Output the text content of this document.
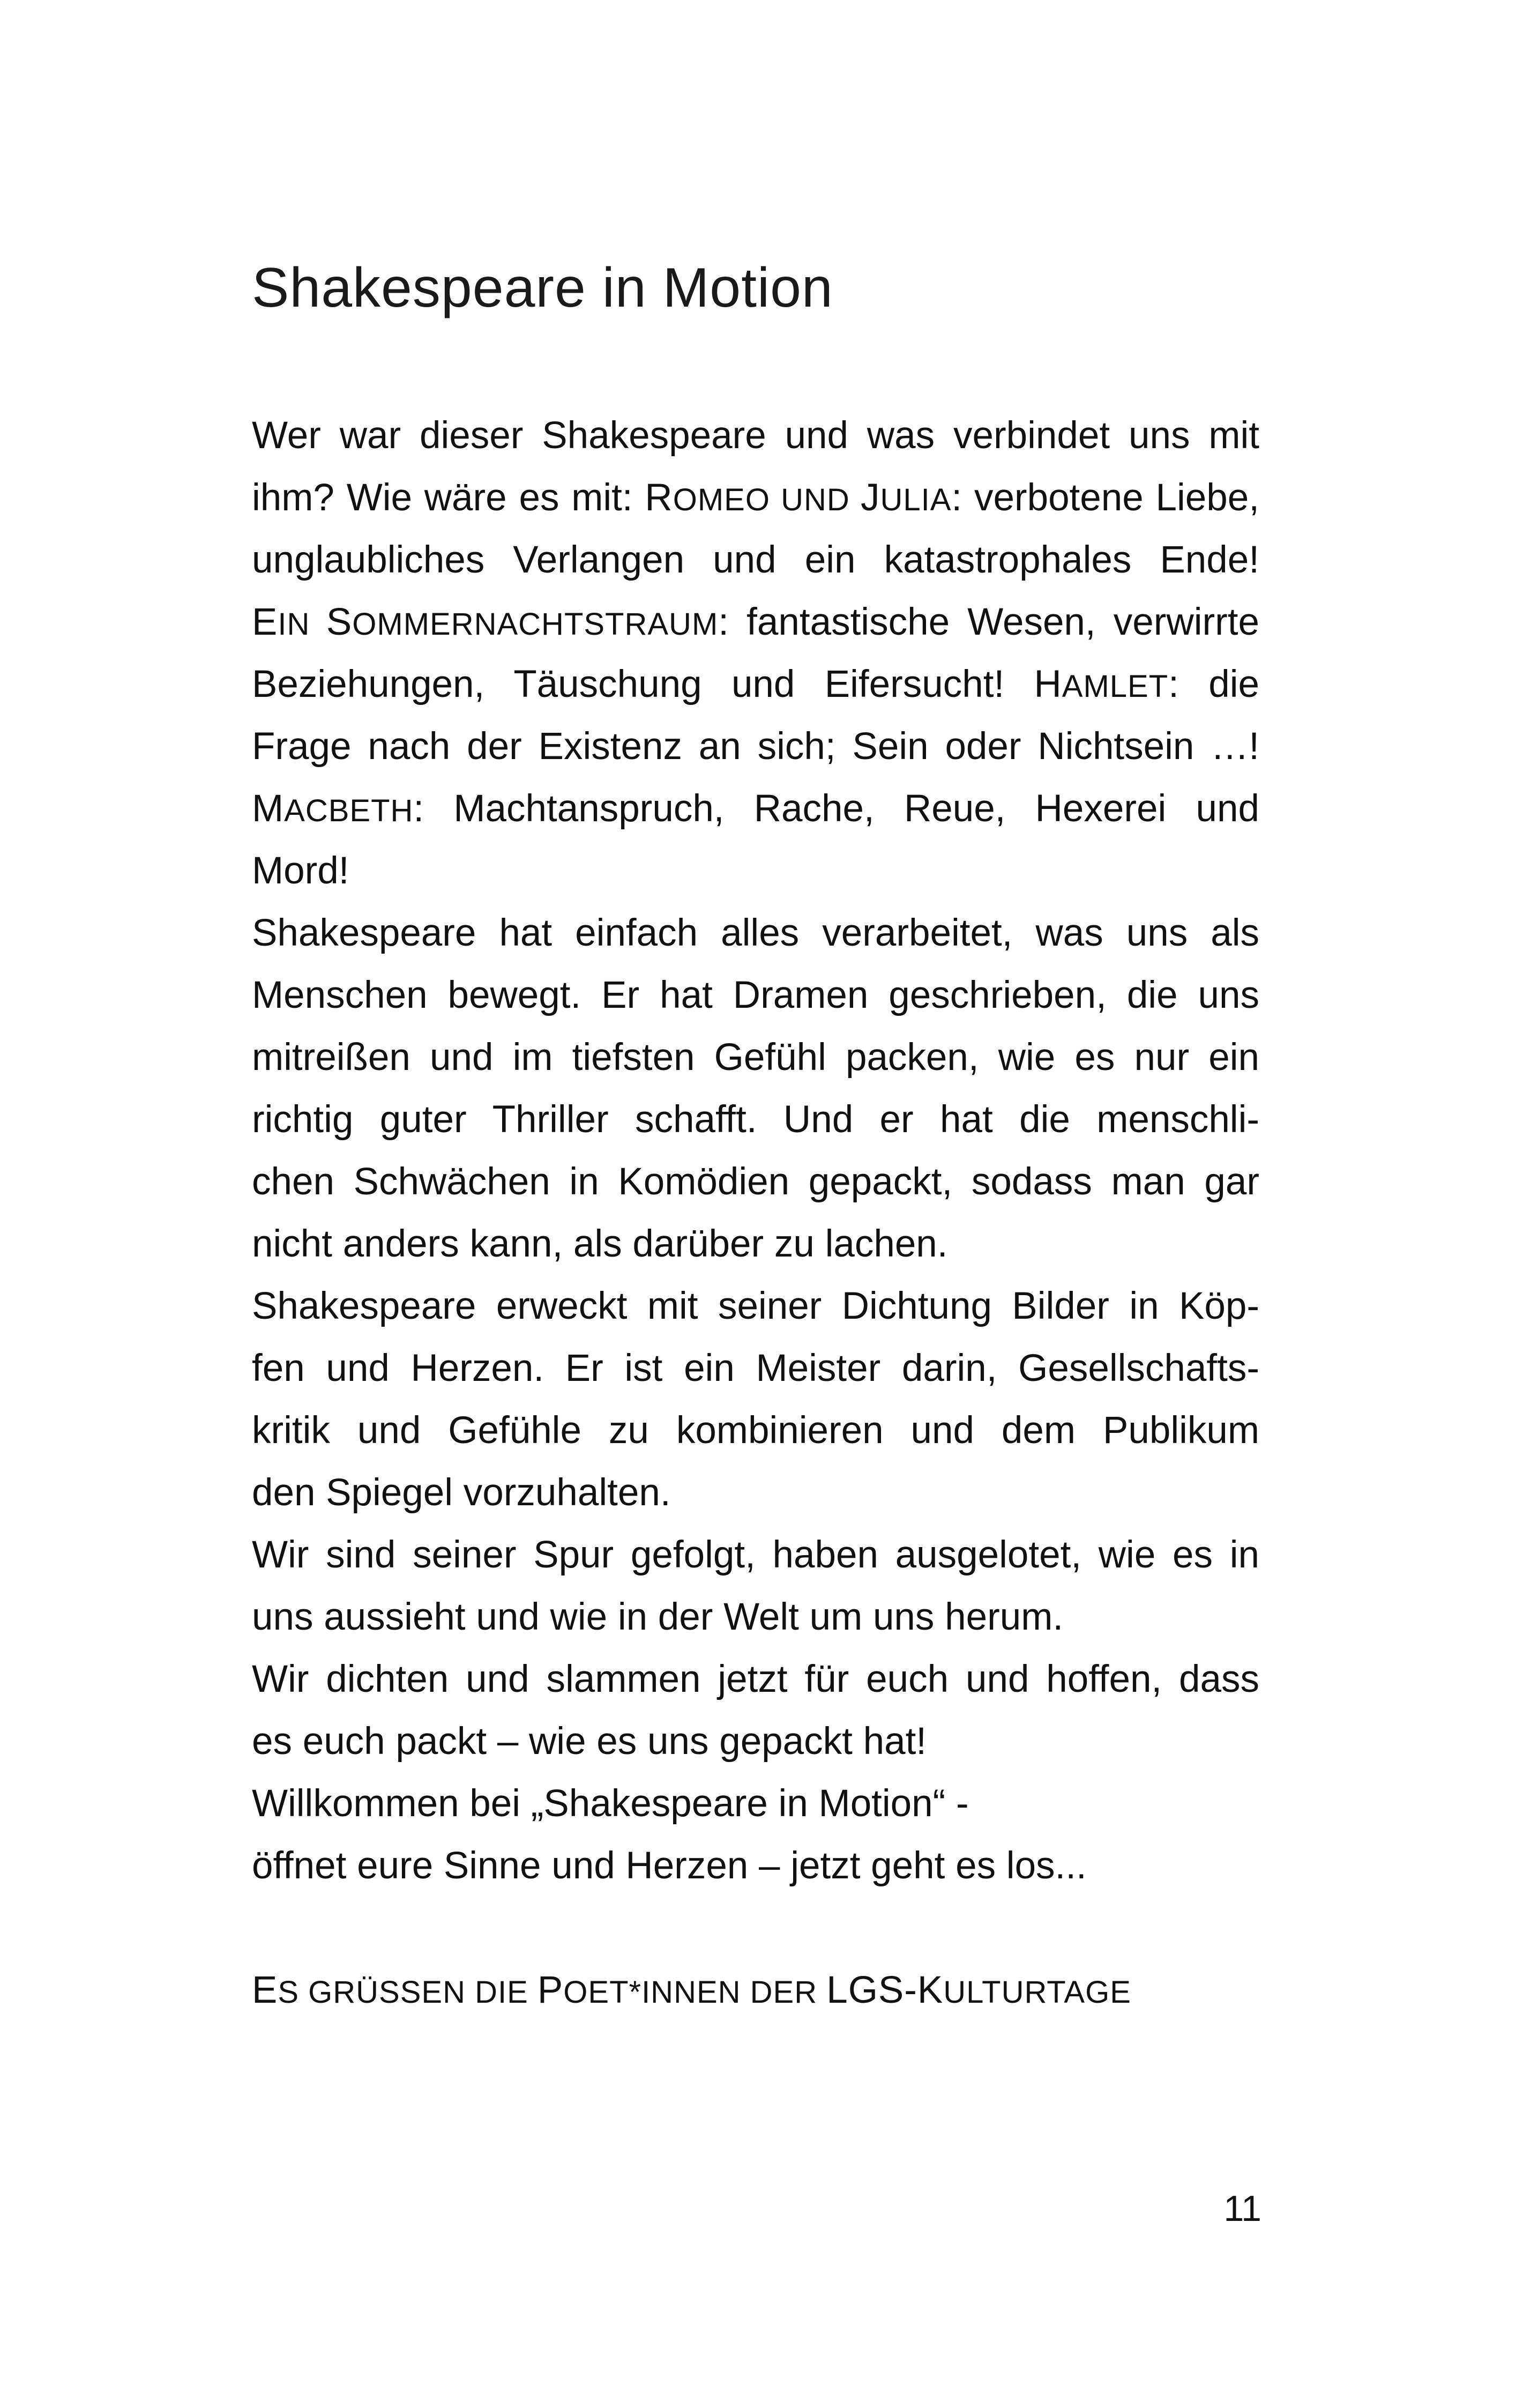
Shakespeare in Motion
Wer war dieser Shakespeare und was verbindet uns mit
ihm? Wie wäre es mit: ROMEO UND JULIA: verbotene Liebe,
unglaubliches Verlangen und ein katastrophales Ende!
EIN SOMMERNACHTSTRAUM: fantastische Wesen, verwirrte
Beziehungen, Täuschung und Eifersucht! HAMLET: die
Frage nach der Existenz an sich; Sein oder Nichtsein …!
MACBETH: Machtanspruch, Rache, Reue, Hexerei und
Mord!
Shakespeare hat einfach alles verarbeitet, was uns als
Menschen bewegt. Er hat Dramen geschrieben, die uns
mitreißen und im tiefsten Gefühl packen, wie es nur ein
richtig guter Thriller schafft. Und er hat die menschli-
chen Schwächen in Komödien gepackt, sodass man gar
nicht anders kann, als darüber zu lachen.
Shakespeare erweckt mit seiner Dichtung Bilder in Köp-
fen und Herzen. Er ist ein Meister darin, Gesellschafts-
kritik und Gefühle zu kombinieren und dem Publikum
den Spiegel vorzuhalten.
Wir sind seiner Spur gefolgt, haben ausgelotet, wie es in
uns aussieht und wie in der Welt um uns herum.
Wir dichten und slammen jetzt für euch und hoffen, dass
es euch packt – wie es uns gepackt hat!
Willkommen bei „Shakespeare in Motion“ -
öffnet eure Sinne und Herzen – jetzt geht es los...
ES GRÜSSEN DIE POET*INNEN DER LGS-KULTURTAGE
11
